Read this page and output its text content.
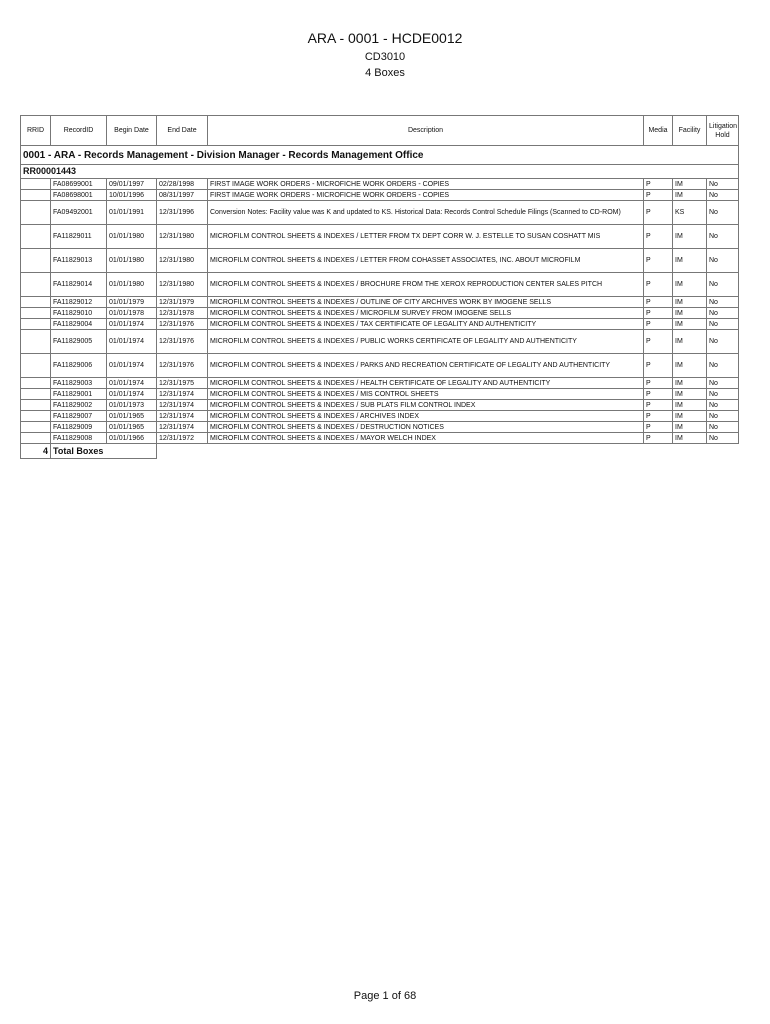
ARA - 0001 - HCDE0012
CD3010
4 Boxes
RRID	RecordID	Begin Date	End Date	Description	Media	Facility	Litigation Hold
0001 - ARA - Records Management - Division Manager - Records Management Office							
RR00001443							
	FA08699001	09/01/1997	02/28/1998	FIRST IMAGE WORK ORDERS - MICROFICHE WORK ORDERS - COPIES	P	IM	No
	FA08698001	10/01/1996	08/31/1997	FIRST IMAGE WORK ORDERS - MICROFICHE WORK ORDERS - COPIES	P	IM	No
	FA09492001	01/01/1991	12/31/1996	Conversion Notes: Facility value was K and updated to KS. Historical Data: Records Control Schedule Filings (Scanned to CD-ROM)	P	KS	No
	FA11829011	01/01/1980	12/31/1980	MICROFILM CONTROL SHEETS & INDEXES / LETTER FROM TX DEPT CORR W. J. ESTELLE TO SUSAN COSHATT MIS	P	IM	No
	FA11829013	01/01/1980	12/31/1980	MICROFILM CONTROL SHEETS & INDEXES / LETTER FROM COHASSET ASSOCIATES, INC. ABOUT MICROFILM	P	IM	No
	FA11829014	01/01/1980	12/31/1980	MICROFILM CONTROL SHEETS & INDEXES / BROCHURE FROM THE XEROX REPRODUCTION CENTER SALES PITCH	P	IM	No
	FA11829012	01/01/1979	12/31/1979	MICROFILM CONTROL SHEETS & INDEXES / OUTLINE OF CITY ARCHIVES WORK BY IMOGENE SELLS	P	IM	No
	FA11829010	01/01/1978	12/31/1978	MICROFILM CONTROL SHEETS & INDEXES / MICROFILM SURVEY FROM IMOGENE SELLS	P	IM	No
	FA11829004	01/01/1974	12/31/1976	MICROFILM CONTROL SHEETS & INDEXES / TAX CERTIFICATE OF LEGALITY AND AUTHENTICITY	P	IM	No
	FA11829005	01/01/1974	12/31/1976	MICROFILM CONTROL SHEETS & INDEXES / PUBLIC WORKS CERTIFICATE OF LEGALITY AND AUTHENTICITY	P	IM	No
	FA11829006	01/01/1974	12/31/1976	MICROFILM CONTROL SHEETS & INDEXES / PARKS AND RECREATION CERTIFICATE OF LEGALITY AND AUTHENTICITY	P	IM	No
	FA11829003	01/01/1974	12/31/1975	MICROFILM CONTROL SHEETS & INDEXES / HEALTH CERTIFICATE OF LEGALITY AND AUTHENTICITY	P	IM	No
	FA11829001	01/01/1974	12/31/1974	MICROFILM CONTROL SHEETS & INDEXES / MIS CONTROL SHEETS	P	IM	No
	FA11829002	01/01/1973	12/31/1974	MICROFILM CONTROL SHEETS & INDEXES / SUB PLATS FILM CONTROL INDEX	P	IM	No
	FA11829007	01/01/1965	12/31/1974	MICROFILM CONTROL SHEETS & INDEXES / ARCHIVES INDEX	P	IM	No
	FA11829009	01/01/1965	12/31/1974	MICROFILM CONTROL SHEETS & INDEXES / DESTRUCTION NOTICES	P	IM	No
	FA11829008	01/01/1966	12/31/1972	MICROFILM CONTROL SHEETS & INDEXES / MAYOR WELCH INDEX	P	IM	No
4	Total Boxes						
Page 1 of 68
